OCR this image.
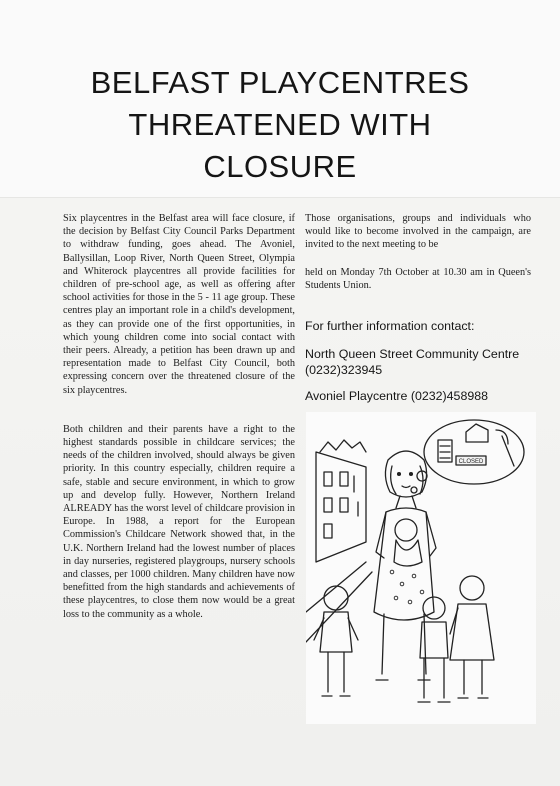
BELFAST PLAYCENTRES
THREATENED WITH
CLOSURE

Six playcentres in the Belfast area will face closure, if the decision by Belfast City Council Parks Department to withdraw funding, goes ahead. The Avoniel, Ballysillan, Loop River, North Queen Street, Olympia and Whiterock playcentres all provide facilities for children of pre-school age, as well as offering after school activities for those in the 5 - 11 age group. These centres play an important role in a child's development, as they can provide one of the first opportunities, in which young children come into social contact with their peers. Already, a petition has been drawn up and representation made to Belfast City Council, both expressing concern over the threatened closure of the six playcentres.

Both children and their parents have a right to the highest standards possible in childcare services; the needs of the children involved, should always be given priority. In this country especially, children require a safe, stable and secure environment, in which to grow up and develop fully. However, Northern Ireland ALREADY has the worst level of childcare provision in Europe. In 1988, a report for the European Commission's Childcare Network showed that, in the U.K. Northern Ireland had the lowest number of places in day nurseries, registered playgroups, nursery schools and classes, per 1000 children. Many children have now benefitted from the high standards and achievements of these playcentres, to close them now would be a great loss to the community as a whole.

Those organisations, groups and individuals who would like to become involved in the campaign, are invited to the next meeting to be

held on Monday 7th October at 10.30 am in Queen's Students Union.

For further information contact:
North Queen Street Community Centre (0232)323945
Avoniel Playcentre (0232)458988
CLOSED
